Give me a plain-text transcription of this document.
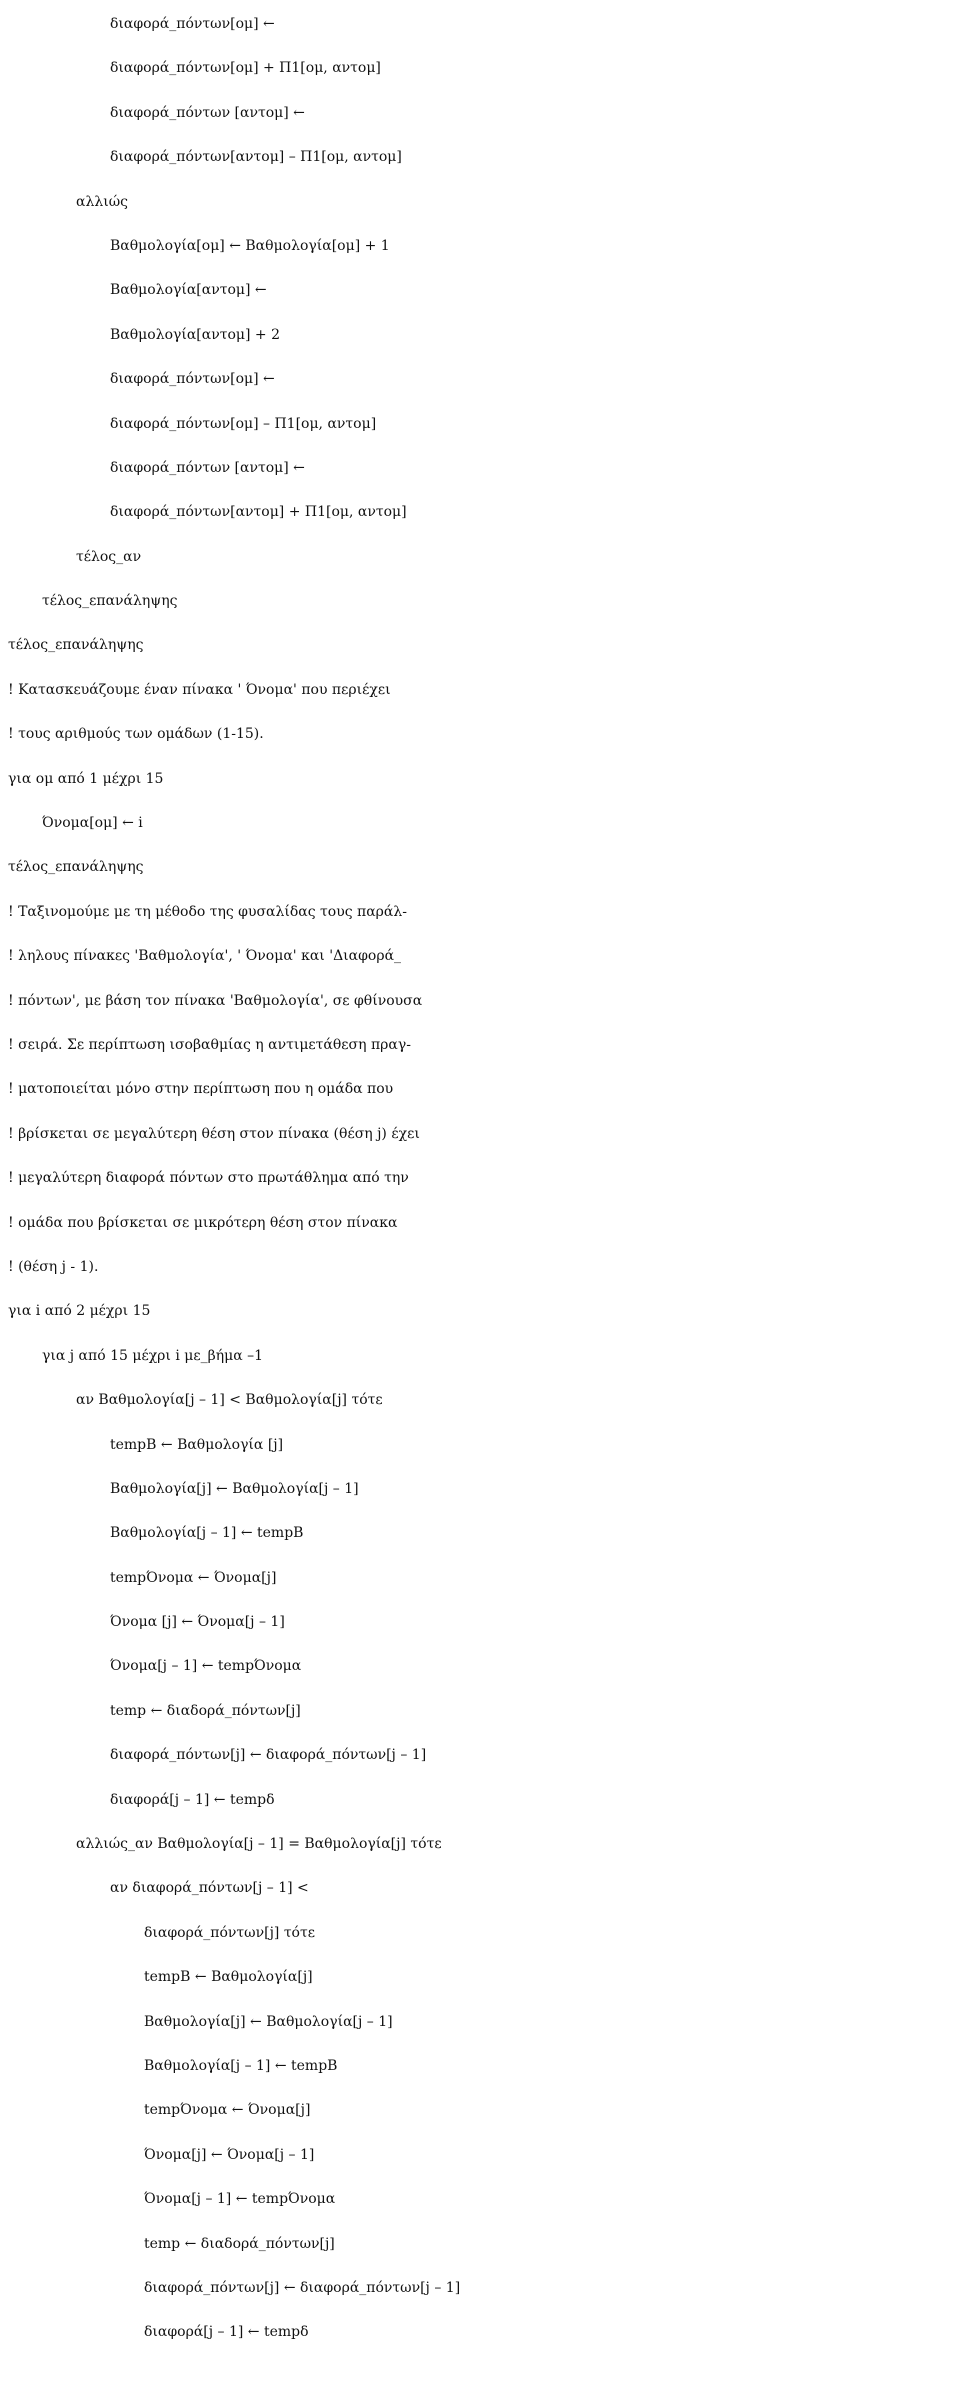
διαφορά_πόντων[ομ] ←
διαφορά_πόντων[ομ] + Π1[ομ, αντομ]
διαφορά_πόντων [αντομ] ←
διαφορά_πόντων[αντομ] – Π1[ομ, αντομ]
αλλιώς
Βαθμολογία[ομ] ← Βαθμολογία[ομ] + 1
Βαθμολογία[αντομ] ←
Βαθμολογία[αντομ] + 2
διαφορά_πόντων[ομ] ←
διαφορά_πόντων[ομ] – Π1[ομ, αντομ]
διαφορά_πόντων [αντομ] ←
διαφορά_πόντων[αντομ] + Π1[ομ, αντομ]
τέλος_αν
τέλος_επανάληψης
τέλος_επανάληψης
! Κατασκευάζουμε έναν πίνακα ' Όνομα' που περιέχει
! τους αριθμούς των ομάδων (1-15).
για ομ από 1 μέχρι 15
Όνομα[ομ] ← i
τέλος_επανάληψης
! Ταξινομούμε με τη μέθοδο της φυσαλίδας τους παράλ-
! ληλους πίνακες 'Βαθμολογία', ' Όνομα' και 'Διαφορά_
! πόντων', με βάση τον πίνακα 'Βαθμολογία', σε φθίνουσα
! σειρά. Σε περίπτωση ισοβαθμίας η αντιμετάθεση πραγ-
! ματοποιείται μόνο στην περίπτωση που η ομάδα που
! βρίσκεται σε μεγαλύτερη θέση στον πίνακα (θέση j) έχει
! μεγαλύτερη διαφορά πόντων στο πρωτάθλημα από την
! ομάδα που βρίσκεται σε μικρότερη θέση στον πίνακα
! (θέση j - 1).
για i από 2 μέχρι 15
για j από 15 μέχρι i με_βήμα –1
αν Βαθμολογία[j – 1] < Βαθμολογία[j] τότε
tempB ← Βαθμολογία [j]
Βαθμολογία[j] ← Βαθμολογία[j – 1]
Βαθμολογία[j – 1] ← tempB
tempΌνομα ← Όνομα[j]
Όνομα [j] ← Όνομα[j – 1]
Όνομα[j – 1] ← tempΌνομα
temp ← διαδορά_πόντων[j]
διαφορά_πόντων[j] ← διαφορά_πόντων[j – 1]
διαφορά[j – 1] ← tempδ
αλλιώς_αν Βαθμολογία[j – 1] = Βαθμολογία[j] τότε
αν διαφορά_πόντων[j – 1] <
διαφορά_πόντων[j] τότε
tempB ← Βαθμολογία[j]
Βαθμολογία[j] ← Βαθμολογία[j – 1]
Βαθμολογία[j – 1] ← tempB
tempΌνομα ← Όνομα[j]
Όνομα[j] ← Όνομα[j – 1]
Όνομα[j – 1] ← tempΌνομα
temp ← διαδορά_πόντων[j]
διαφορά_πόντων[j] ← διαφορά_πόντων[j – 1]
διαφορά[j – 1] ← tempδ
